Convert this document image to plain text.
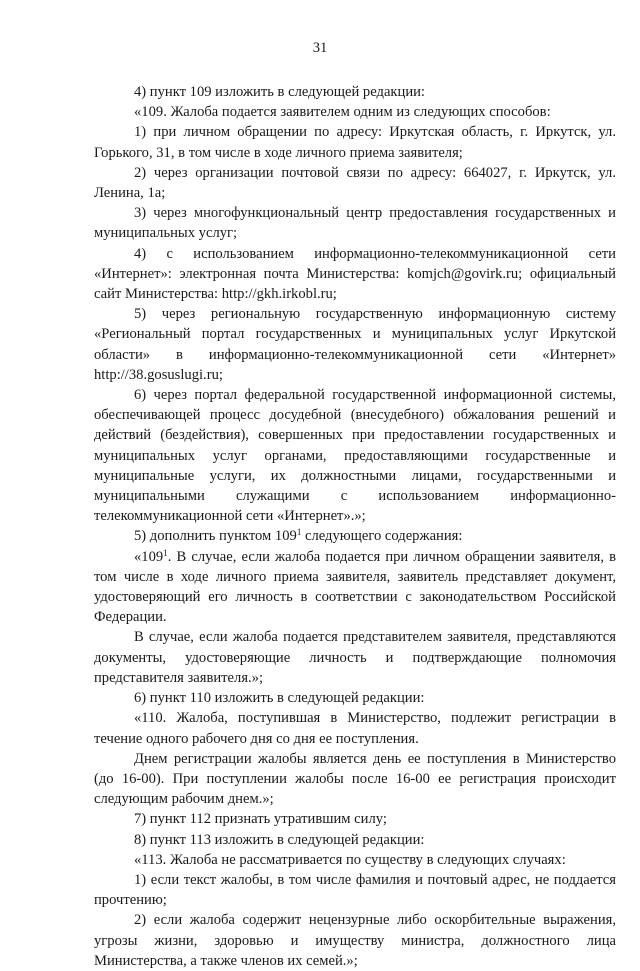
31

4) пункт 109 изложить в следующей редакции:

«109. Жалоба подается заявителем одним из следующих способов:

1) при личном обращении по адресу: Иркутская область, г. Иркутск, ул. Горького, 31, в том числе в ходе личного приема заявителя;

2) через организации почтовой связи по адресу: 664027, г. Иркутск, ул. Ленина, 1а;

3) через многофункциональный центр предоставления государственных и муниципальных услуг;

4) с использованием информационно-телекоммуникационной сети «Интернет»: электронная почта Министерства: komjch@govirk.ru; официальный сайт Министерства: http://gkh.irkobl.ru;

5) через региональную государственную информационную систему «Региональный портал государственных и муниципальных услуг Иркутской области» в информационно-телекоммуникационной сети «Интернет» http://38.gosuslugi.ru;

6) через портал федеральной государственной информационной системы, обеспечивающей процесс досудебной (внесудебного) обжалования решений и действий (бездействия), совершенных при предоставлении государственных и муниципальных услуг органами, предоставляющими государственные и муниципальные услуги, их должностными лицами, государственными и муниципальными служащими с использованием информационно-телекоммуникационной сети «Интернет».»;

5) дополнить пунктом $109^1$ следующего содержания:

«$109^1$. В случае, если жалоба подается при личном обращении заявителя, в том числе в ходе личного приема заявителя, заявитель представляет документ, удостоверяющий его личность в соответствии с законодательством Российской Федерации.

В случае, если жалоба подается представителем заявителя, представляются документы, удостоверяющие личность и подтверждающие полномочия представителя заявителя.»;

6) пункт 110 изложить в следующей редакции:

«110. Жалоба, поступившая в Министерство, подлежит регистрации в течение одного рабочего дня со дня ее поступления.

Днем регистрации жалобы является день ее поступления в Министерство (до 16-00). При поступлении жалобы после 16-00 ее регистрация происходит следующим рабочим днем.»;

7) пункт 112 признать утратившим силу;

8) пункт 113 изложить в следующей редакции:

«113. Жалоба не рассматривается по существу в следующих случаях:

1) если текст жалобы, в том числе фамилия и почтовый адрес, не поддается прочтению;

2) если жалоба содержит нецензурные либо оскорбительные выражения, угрозы жизни, здоровью и имуществу министра, должностного лица Министерства, а также членов их семей.»;
